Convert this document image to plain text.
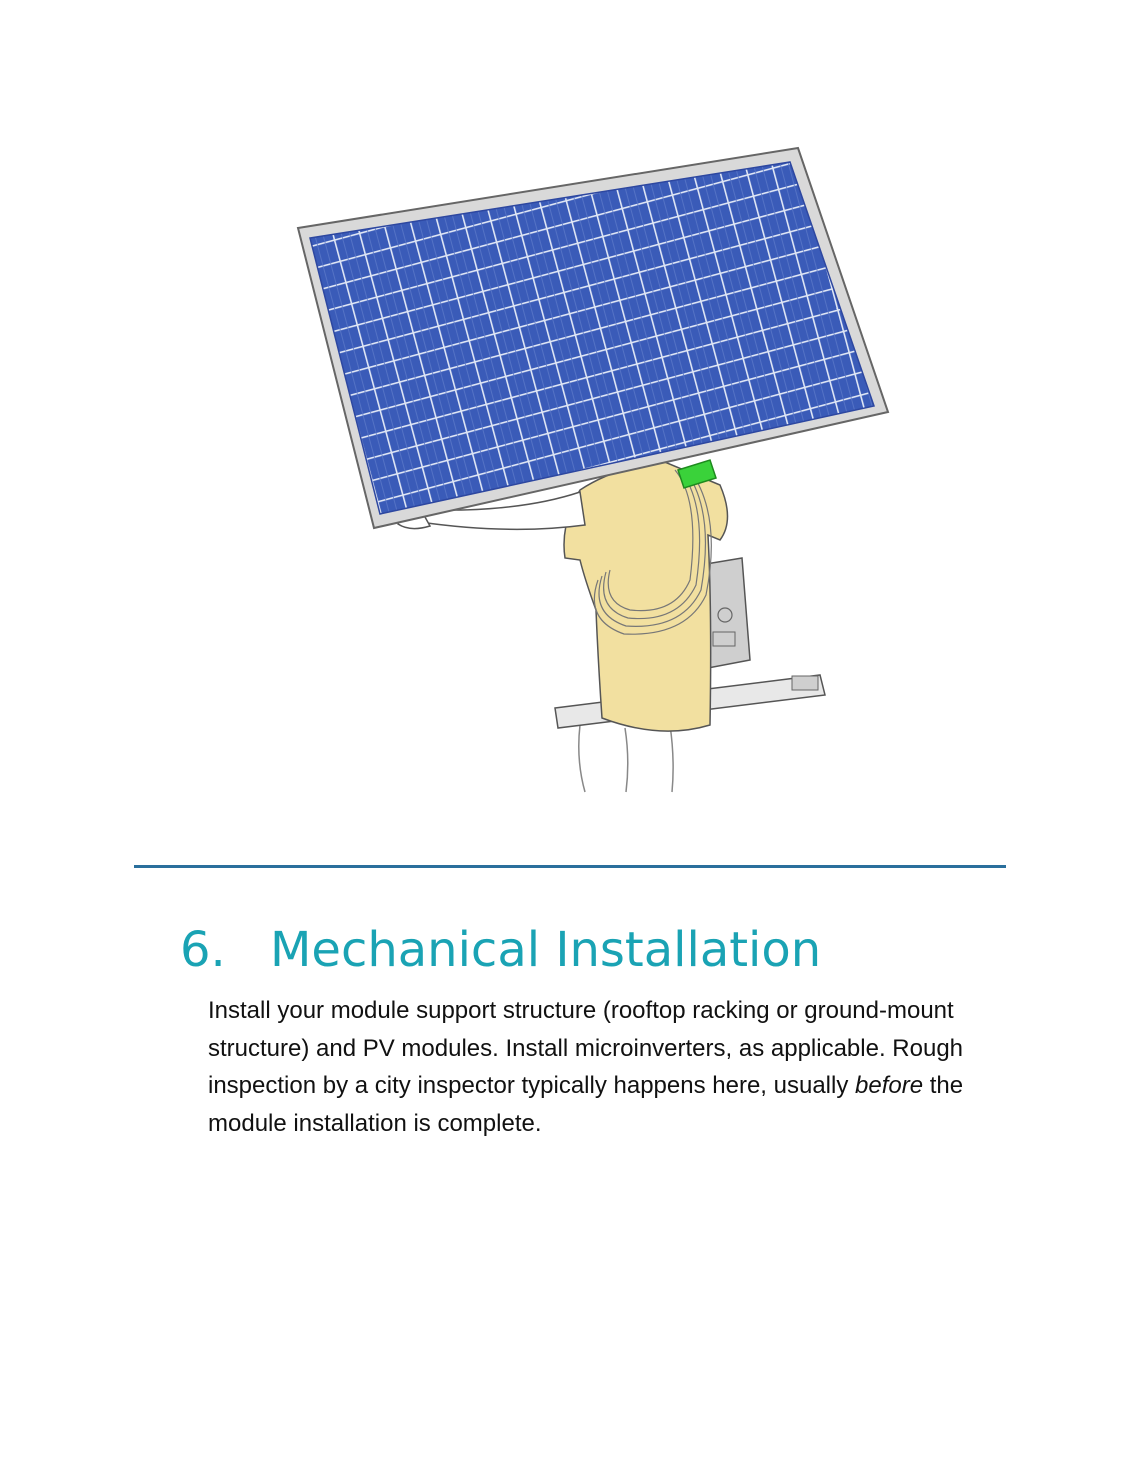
6. Mechanical Installation

Install your module support structure (rooftop racking or ground-mount structure) and PV modules. Install microinverters, as applicable. Rough inspection by a city inspector typically happens here, usually before the module installation is complete.
